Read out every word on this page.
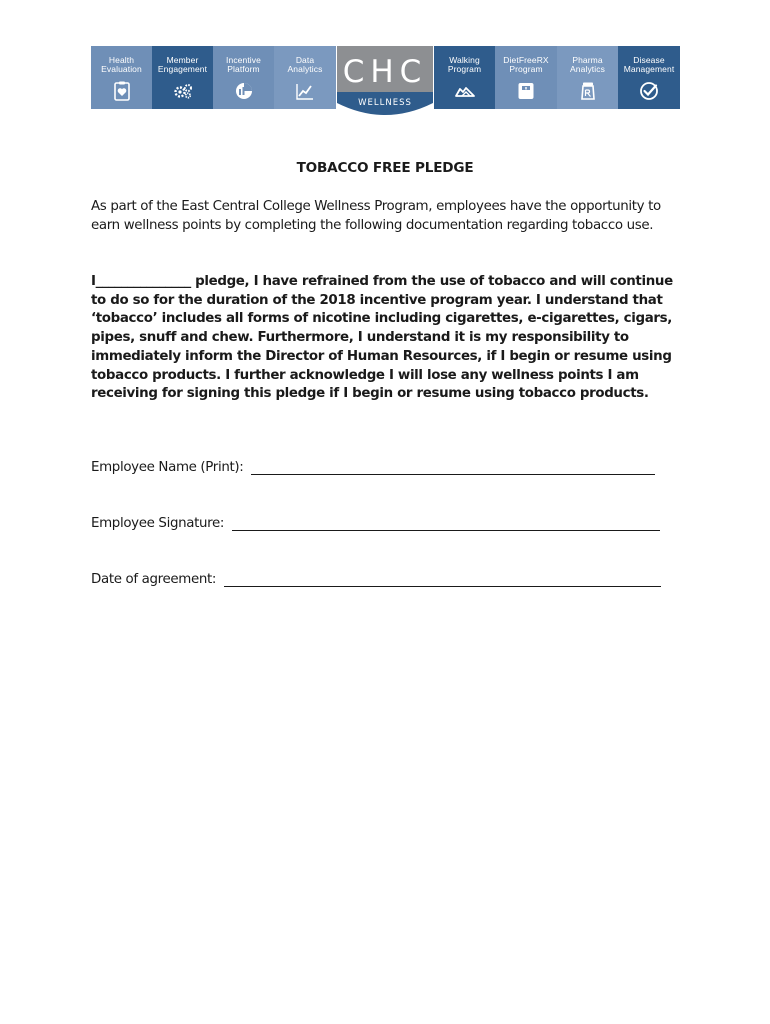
Health
Evaluation
Member
Engagement
Incentive
Platform
Data
Analytics CHC
WELLNESS
Walking
Program
DietFreeRX
Program
Pharma
Analytics
Disease
Management
TOBACCO FREE PLEDGE

As part of the East Central College Wellness Program, employees have the opportunity to earn wellness points by completing the following documentation regarding tobacco use.

I_______________ pledge, I have refrained from the use of tobacco and will continue to do so for the duration of the 2018 incentive program year. I understand that ‘tobacco’ includes all forms of nicotine including cigarettes, e-cigarettes, cigars, pipes, snuff and chew. Furthermore, I understand it is my responsibility to immediately inform the Director of Human Resources, if I begin or resume using tobacco products. I further acknowledge I will lose any wellness points I am receiving for signing this pledge if I begin or resume using tobacco products.

Employee Name (Print):
Employee Signature:
Date of agreement:
